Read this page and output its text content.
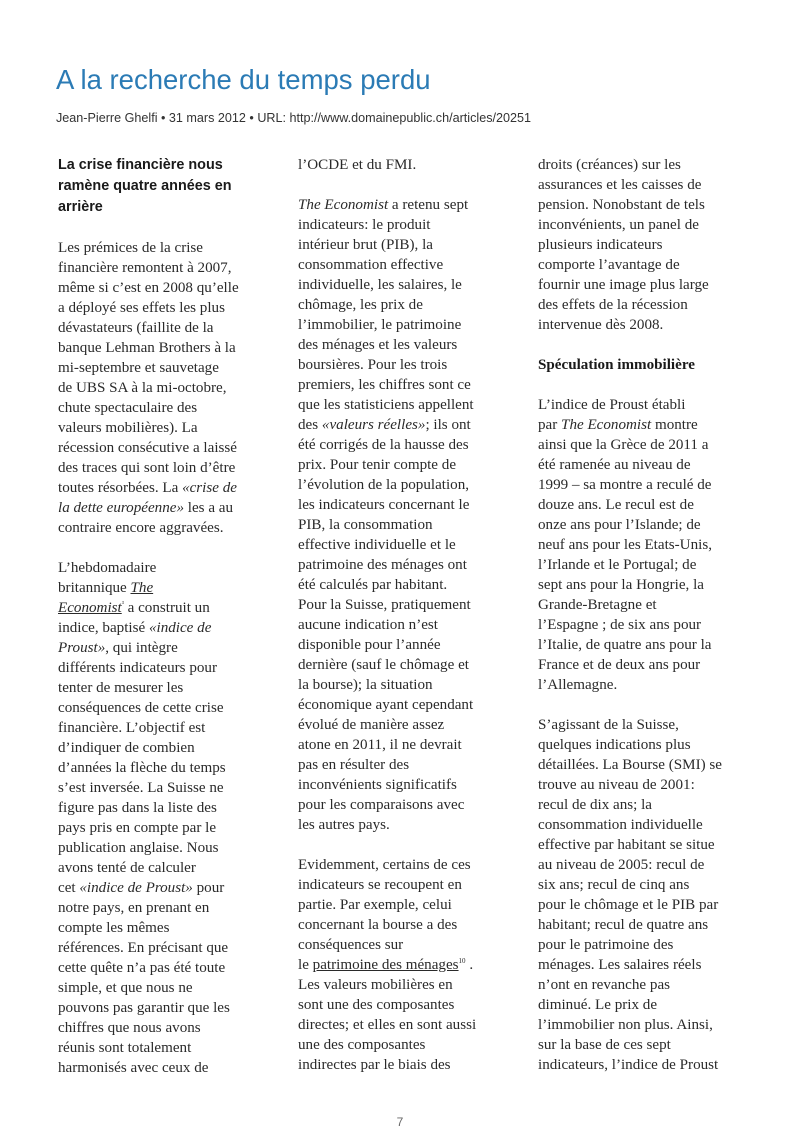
A la recherche du temps perdu
Jean-Pierre Ghelfi • 31 mars 2012 • URL: http://www.domainepublic.ch/articles/20251
La crise financière nous
ramène quatre années en
arrière

Les prémices de la crise
financière remontent à 2007,
même si c’est en 2008 qu’elle
a déployé ses effets les plus
dévastateurs (faillite de la
banque Lehman Brothers à la
mi-septembre et sauvetage
de UBS SA à la mi-octobre,
chute spectaculaire des
valeurs mobilières). La
récession consécutive a laissé
des traces qui sont loin d’être
toutes résorbées. La «crise de
la dette européenne» les a au
contraire encore aggravées.

L’hebdomadaire
britannique The
Economist$^{^3}$ a construit un
indice, baptisé «indice de
Proust», qui intègre
différents indicateurs pour
tenter de mesurer les
conséquences de cette crise
financière. L’objectif est
d’indiquer de combien
d’années la flèche du temps
s’est inversée. La Suisse ne
figure pas dans la liste des
pays pris en compte par le
publication anglaise. Nous
avons tenté de calculer
cet «indice de Proust» pour
notre pays, en prenant en
compte les mêmes
références. En précisant que
cette quête n’a pas été toute
simple, et que nous ne
pouvons pas garantir que les
chiffres que nous avons
réunis sont totalement
harmonisés avec ceux de

l’OCDE et du FMI.

The Economist a retenu sept
indicateurs: le produit
intérieur brut (PIB), la
consommation effective
individuelle, les salaires, le
chômage, les prix de
l’immobilier, le patrimoine
des ménages et les valeurs
boursières. Pour les trois
premiers, les chiffres sont ce
que les statisticiens appellent
des «valeurs réelles»; ils ont
été corrigés de la hausse des
prix. Pour tenir compte de
l’évolution de la population,
les indicateurs concernant le
PIB, la consommation
effective individuelle et le
patrimoine des ménages ont
été calculés par habitant.
Pour la Suisse, pratiquement
aucune indication n’est
disponible pour l’année
dernière (sauf le chômage et
la bourse); la situation
économique ayant cependant
évolué de manière assez
atone en 2011, il ne devrait
pas en résulter des
inconvénients significatifs
pour les comparaisons avec
les autres pays.

Evidemment, certains de ces
indicateurs se recoupent en
partie. Par exemple, celui
concernant la bourse a des
conséquences sur
le patrimoine des ménages$^{10}$ .
Les valeurs mobilières en
sont une des composantes
directes; et elles en sont aussi
une des composantes
indirectes par le biais des

droits (créances) sur les
assurances et les caisses de
pension. Nonobstant de tels
inconvénients, un panel de
plusieurs indicateurs
comporte l’avantage de
fournir une image plus large
des effets de la récession
intervenue dès 2008.

Spéculation immobilière

L’indice de Proust établi
par The Economist montre
ainsi que la Grèce de 2011 a
été ramenée au niveau de
1999 – sa montre a reculé de
douze ans. Le recul est de
onze ans pour l’Islande; de
neuf ans pour les Etats-Unis,
l’Irlande et le Portugal; de
sept ans pour la Hongrie, la
Grande-Bretagne et
l’Espagne ; de six ans pour
l’Italie, de quatre ans pour la
France et de deux ans pour
l’Allemagne.

S’agissant de la Suisse,
quelques indications plus
détaillées. La Bourse (SMI) se
trouve au niveau de 2001:
recul de dix ans; la
consommation individuelle
effective par habitant se situe
au niveau de 2005: recul de
six ans; recul de cinq ans
pour le chômage et le PIB par
habitant; recul de quatre ans
pour le patrimoine des
ménages. Les salaires réels
n’ont en revanche pas
diminué. Le prix de
l’immobilier non plus. Ainsi,
sur la base de ces sept
indicateurs, l’indice de Proust

7
